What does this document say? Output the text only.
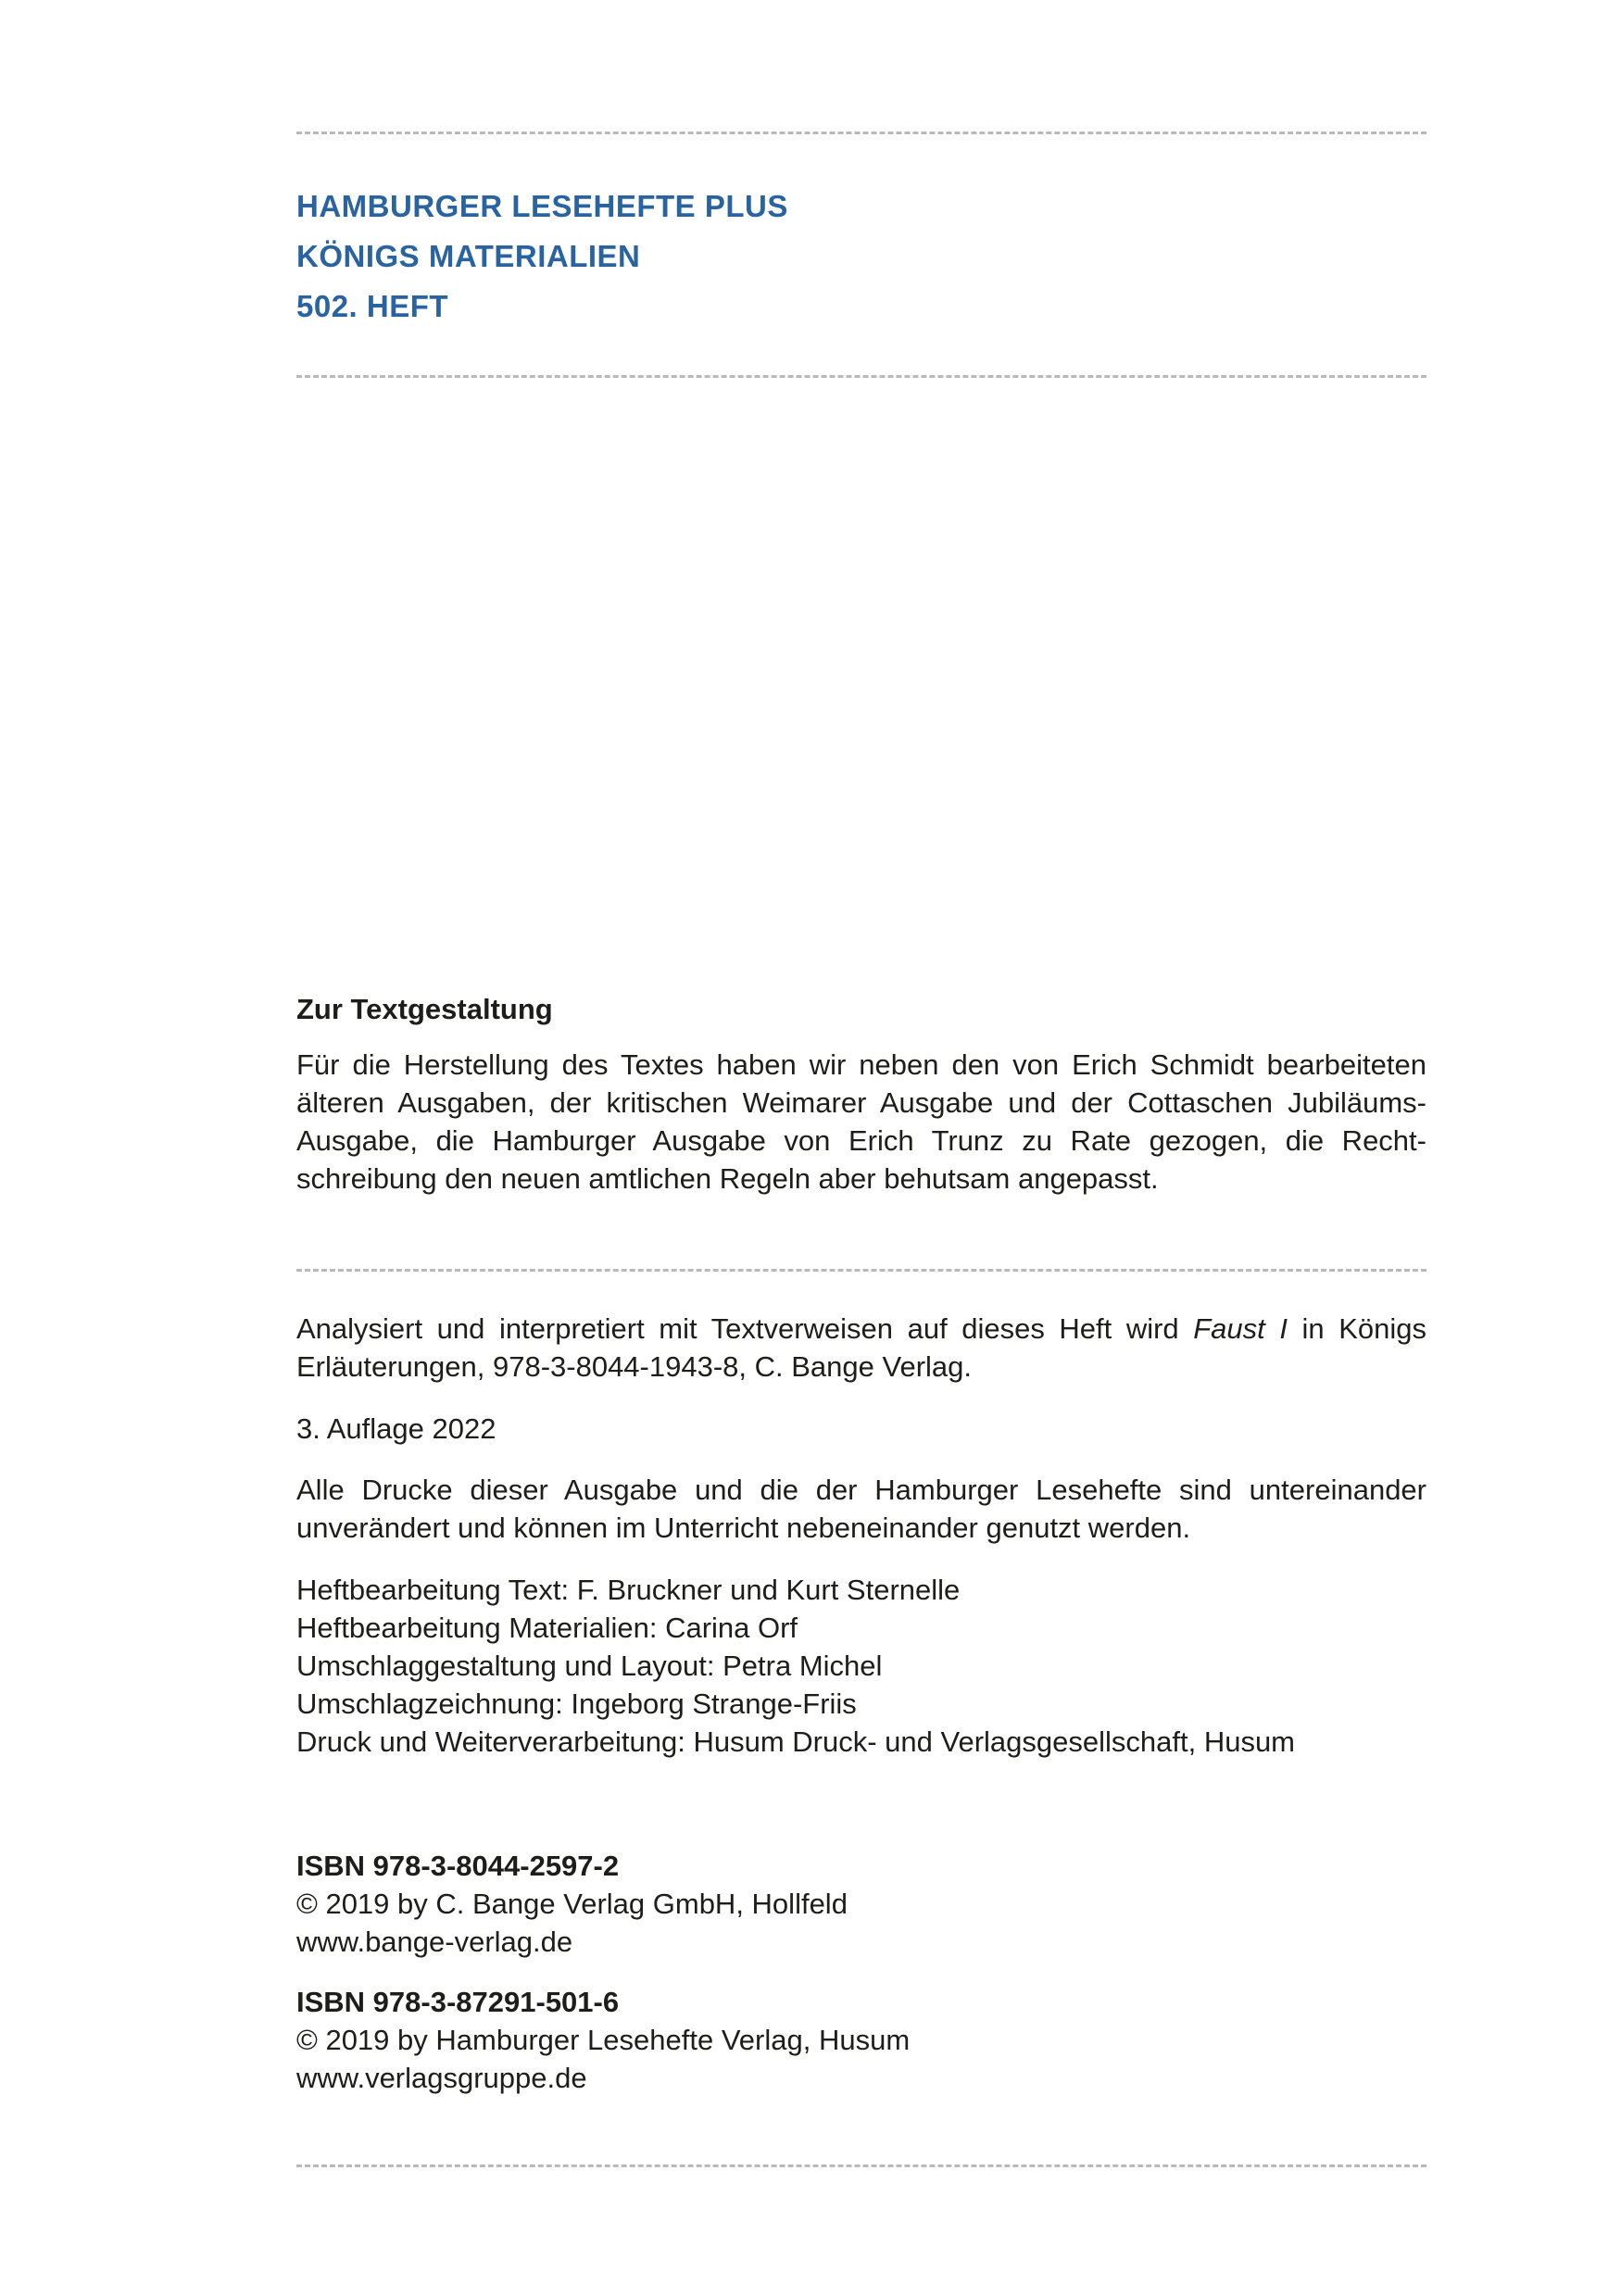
HAMBURGER LESEHEFTE PLUS
KÖNIGS MATERIALIEN
502. HEFT
Zur Textgestaltung

Für die Herstellung des Textes haben wir neben den von Erich Schmidt bearbeiteten älteren Ausgaben, der kritischen Weimarer Ausgabe und der Cottaschen Jubiläums-Ausgabe, die Hamburger Ausgabe von Erich Trunz zu Rate gezogen, die Recht-schreibung den neuen amtlichen Regeln aber behutsam angepasst.

Analysiert und interpretiert mit Textverweisen auf dieses Heft wird Faust I in Königs Erläuterungen, 978-3-8044-1943-8, C. Bange Verlag.

3. Auflage 2022

Alle Drucke dieser Ausgabe und die der Hamburger Lesehefte sind untereinander unverändert und können im Unterricht nebeneinander genutzt werden.

Heftbearbeitung Text: F. Bruckner und Kurt Sternelle
Heftbearbeitung Materialien: Carina Orf
Umschlaggestaltung und Layout: Petra Michel
Umschlagzeichnung: Ingeborg Strange-Friis
Druck und Weiterverarbeitung: Husum Druck- und Verlagsgesellschaft, Husum
ISBN 978-3-8044-2597-2
© 2019 by C. Bange Verlag GmbH, Hollfeld
www.bange-verlag.de
ISBN 978-3-87291-501-6
© 2019 by Hamburger Lesehefte Verlag, Husum
www.verlagsgruppe.de
